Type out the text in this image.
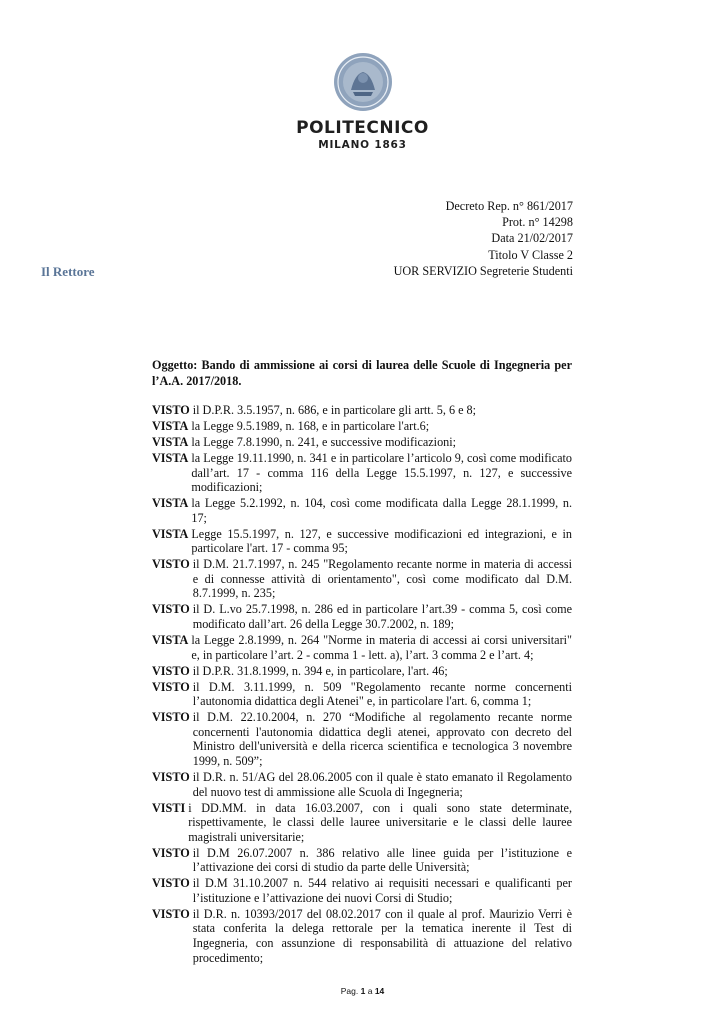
POLITECNICO
MILANO 1863
Decreto Rep. n° 861/2017
Prot. n° 14298
Data 21/02/2017
Titolo V Classe 2
UOR SERVIZIO Segreterie Studenti
Il Rettore
Oggetto: Bando di ammissione ai corsi di laurea delle Scuole di Ingegneria per l’A.A. 2017/2018.
VISTO il D.P.R. 3.5.1957, n. 686, e in particolare gli artt. 5, 6 e 8;
VISTA la Legge 9.5.1989, n. 168, e in particolare l'art.6;
VISTA la Legge 7.8.1990, n. 241, e successive modificazioni;
VISTA la Legge 19.11.1990, n. 341 e in particolare l’articolo 9, così come modificato dall’art. 17 - comma 116 della Legge 15.5.1997, n. 127, e successive modificazioni;
VISTA la Legge 5.2.1992, n. 104, così come modificata dalla Legge 28.1.1999, n. 17;
VISTA Legge 15.5.1997, n. 127, e successive modificazioni ed integrazioni, e in particolare l'art. 17 - comma 95;
VISTO il D.M. 21.7.1997, n. 245 "Regolamento recante norme in materia di accessi e di connesse attività di orientamento", così come modificato dal D.M. 8.7.1999, n. 235;
VISTO il D. L.vo 25.7.1998, n. 286 ed in particolare l’art.39 - comma 5, così come modificato dall’art. 26 della Legge 30.7.2002, n. 189;
VISTA la Legge 2.8.1999, n. 264 "Norme in materia di accessi ai corsi universitari" e, in particolare l’art. 2 - comma 1 - lett. a), l’art. 3 comma 2 e l’art. 4;
VISTO il D.P.R. 31.8.1999, n. 394 e, in particolare, l'art. 46;
VISTO il D.M. 3.11.1999, n. 509 "Regolamento recante norme concernenti l’autonomia didattica degli Atenei" e, in particolare l'art. 6, comma 1;
VISTO il D.M. 22.10.2004, n. 270 “Modifiche al regolamento recante norme concernenti l'autonomia didattica degli atenei, approvato con decreto del Ministro dell'università e della ricerca scientifica e tecnologica 3 novembre 1999, n. 509”;
VISTO il D.R. n. 51/AG del 28.06.2005 con il quale è stato emanato il Regolamento del nuovo test di ammissione alle Scuola di Ingegneria;
VISTI i DD.MM. in data 16.03.2007, con i quali sono state determinate, rispettivamente, le classi delle lauree universitarie e le classi delle lauree magistrali universitarie;
VISTO il D.M 26.07.2007 n. 386 relativo alle linee guida per l’istituzione e l’attivazione dei corsi di studio da parte delle Università;
VISTO il D.M 31.10.2007 n. 544 relativo ai requisiti necessari e qualificanti per l’istituzione e l’attivazione dei nuovi Corsi di Studio;
VISTO il D.R. n. 10393/2017 del 08.02.2017 con il quale al prof. Maurizio Verri è stata conferita la delega rettorale per la tematica inerente il Test di Ingegneria, con assunzione di responsabilità di attuazione del relativo procedimento;
Pag. 1 a 14
